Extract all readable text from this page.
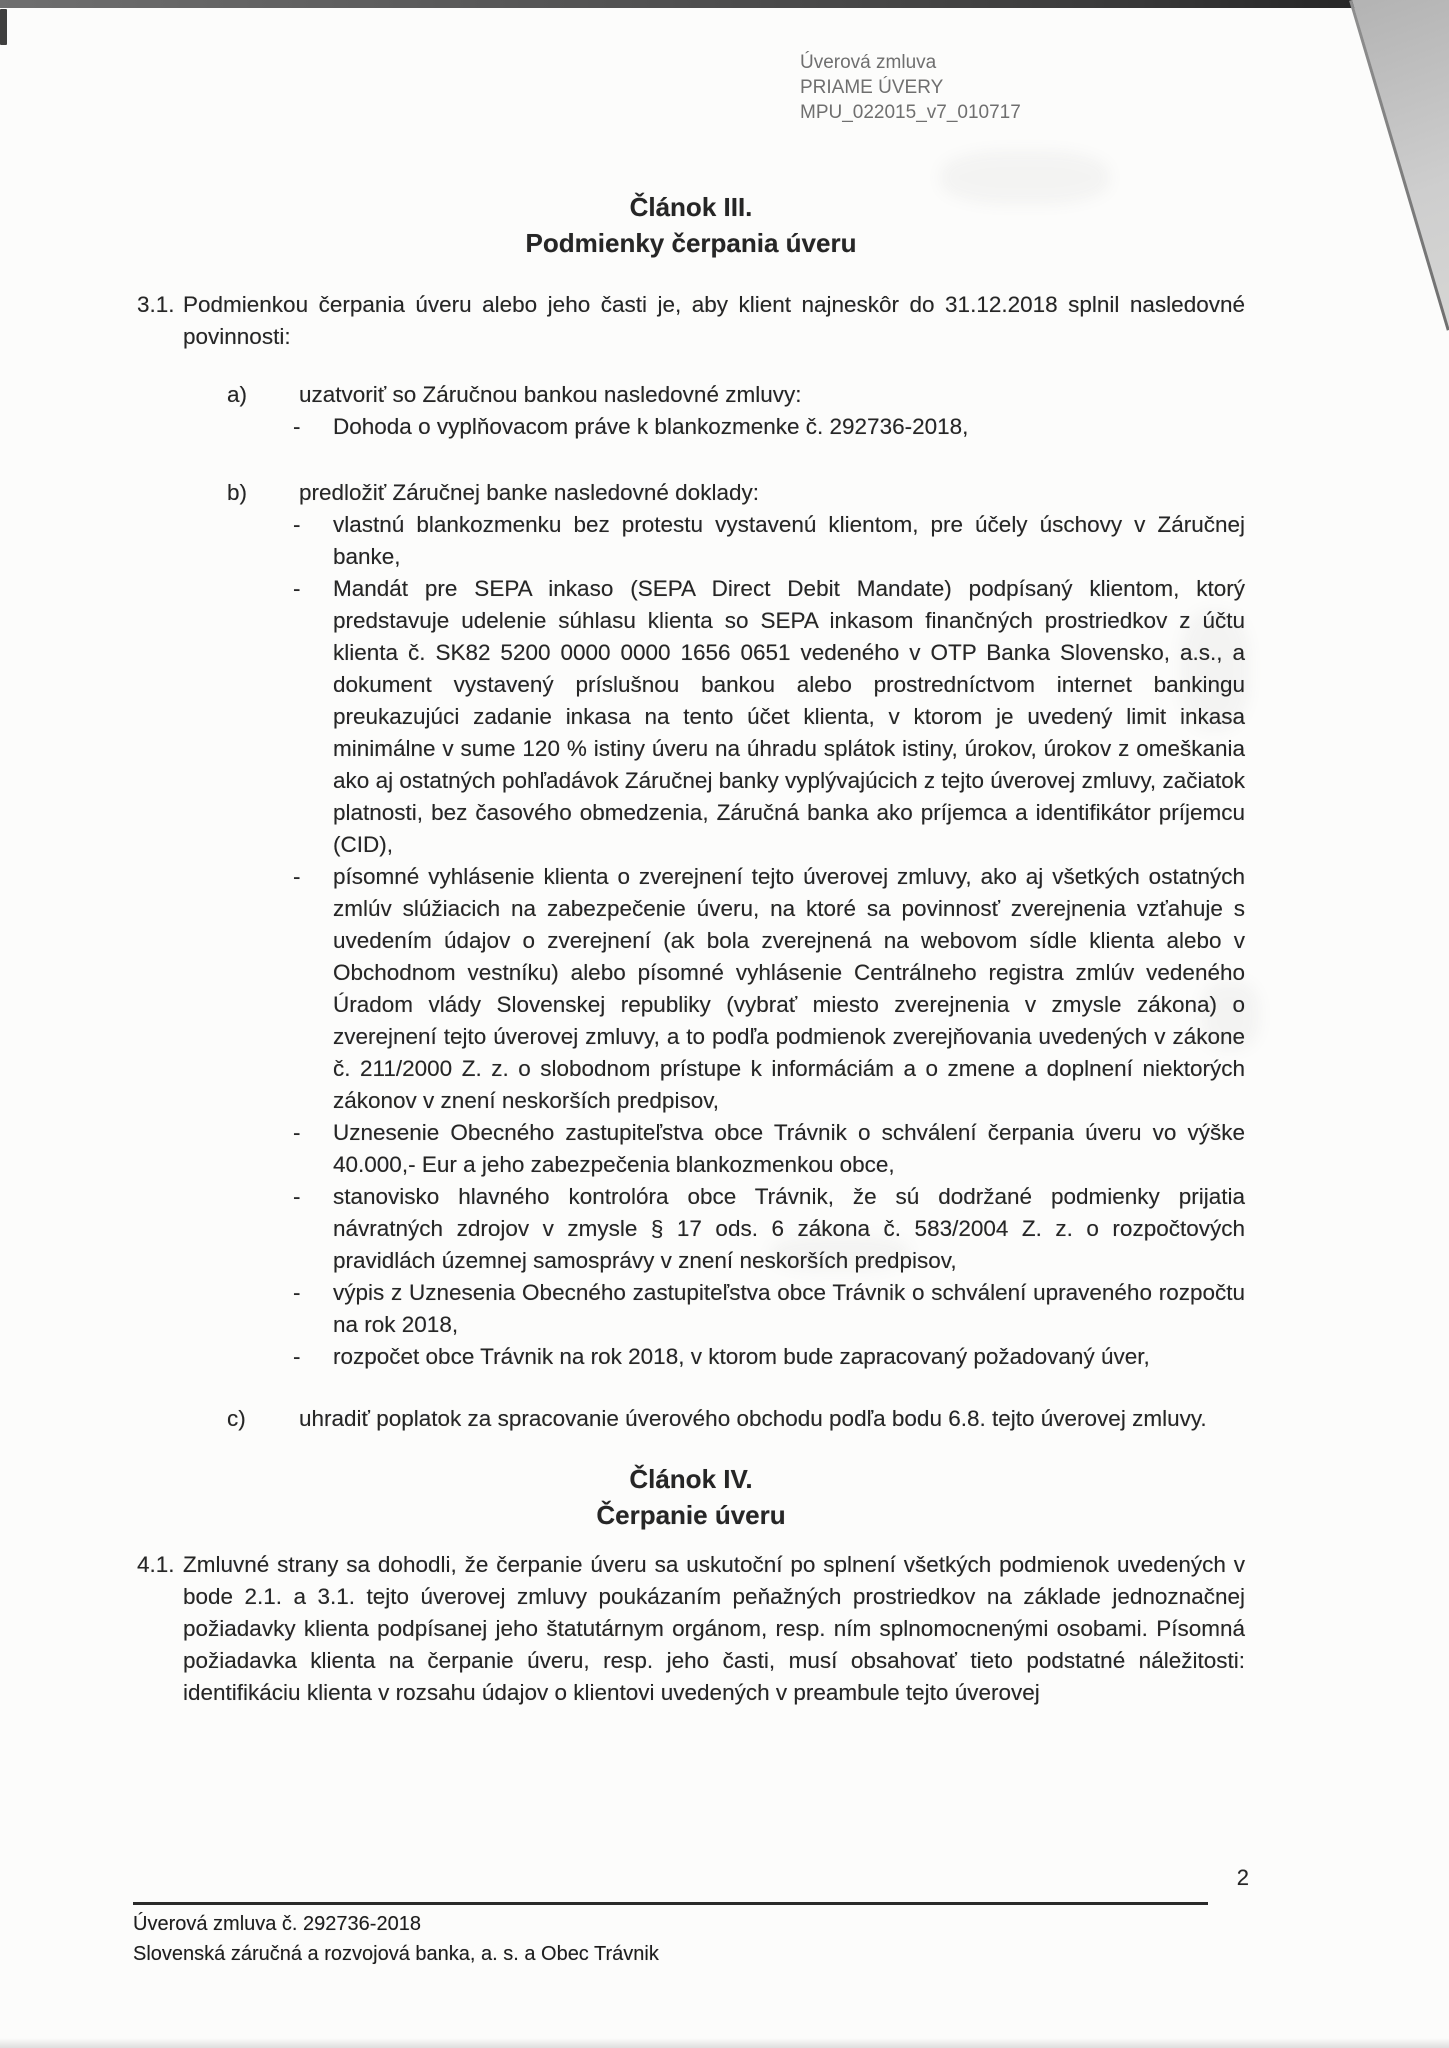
Úverová zmluva
PRIAME ÚVERY
MPU_022015_v7_010717
Článok III.
Podmienky čerpania úveru
3.1. Podmienkou čerpania úveru alebo jeho časti je, aby klient najneskôr do 31.12.2018 splnil nasledovné povinnosti:
a)	uzatvoriť so Záručnou bankou nasledovné zmluvy:
-	Dohoda o vyplňovacom práve k blankozmenke č. 292736-2018,
b)	predložiť Záručnej banke nasledovné doklady:
-	vlastnú blankozmenku bez protestu vystavenú klientom, pre účely úschovy v Záručnej banke,
-	Mandát pre SEPA inkaso (SEPA Direct Debit Mandate) podpísaný klientom, ktorý predstavuje udelenie súhlasu klienta so SEPA inkasom finančných prostriedkov z účtu klienta č. SK82 5200 0000 0000 1656 0651 vedeného v OTP Banka Slovensko, a.s., a dokument vystavený príslušnou bankou alebo prostredníctvom internet bankingu preukazujúci zadanie inkasa na tento účet klienta, v ktorom je uvedený limit inkasa minimálne v sume 120 % istiny úveru na úhradu splátok istiny, úrokov, úrokov z omeškania ako aj ostatných pohľadávok Záručnej banky vyplývajúcich z tejto úverovej zmluvy, začiatok platnosti, bez časového obmedzenia, Záručná banka ako príjemca a identifikátor príjemcu (CID),
-	písomné vyhlásenie klienta o zverejnení tejto úverovej zmluvy, ako aj všetkých ostatných zmlúv slúžiacich na zabezpečenie úveru, na ktoré sa povinnosť zverejnenia vzťahuje s uvedením údajov o zverejnení (ak bola zverejnená na webovom sídle klienta alebo v Obchodnom vestníku) alebo písomné vyhlásenie Centrálneho registra zmlúv vedeného Úradom vlády Slovenskej republiky (vybrať miesto zverejnenia v zmysle zákona) o zverejnení tejto úverovej zmluvy, a to podľa podmienok zverejňovania uvedených v zákone č. 211/2000 Z. z. o slobodnom prístupe k informáciám a o zmene a doplnení niektorých zákonov v znení neskorších predpisov,
-	Uznesenie Obecného zastupiteľstva obce Trávnik o schválení čerpania úveru vo výške 40.000,- Eur a jeho zabezpečenia blankozmenkou obce,
-	stanovisko hlavného kontrolóra obce Trávnik, že sú dodržané podmienky prijatia návratných zdrojov v zmysle § 17 ods. 6 zákona č. 583/2004 Z. z. o rozpočtových pravidlách územnej samosprávy v znení neskorších predpisov,
-	výpis z Uznesenia Obecného zastupiteľstva obce Trávnik o schválení upraveného rozpočtu na rok 2018,
-	rozpočet obce Trávnik na rok 2018, v ktorom bude zapracovaný požadovaný úver,
c)	uhradiť poplatok za spracovanie úverového obchodu podľa bodu 6.8. tejto úverovej zmluvy.
Článok IV.
Čerpanie úveru
4.1. Zmluvné strany sa dohodli, že čerpanie úveru sa uskutoční po splnení všetkých podmienok uvedených v bode 2.1. a 3.1. tejto úverovej zmluvy poukázaním peňažných prostriedkov na základe jednoznačnej požiadavky klienta podpísanej jeho štatutárnym orgánom, resp. ním splnomocnenými osobami. Písomná požiadavka klienta na čerpanie úveru, resp. jeho časti, musí obsahovať tieto podstatné náležitosti: identifikáciu klienta v rozsahu údajov o klientovi uvedených v preambule tejto úverovej
2
Úverová zmluva č. 292736-2018
Slovenská záručná a rozvojová banka, a. s. a Obec Trávnik
